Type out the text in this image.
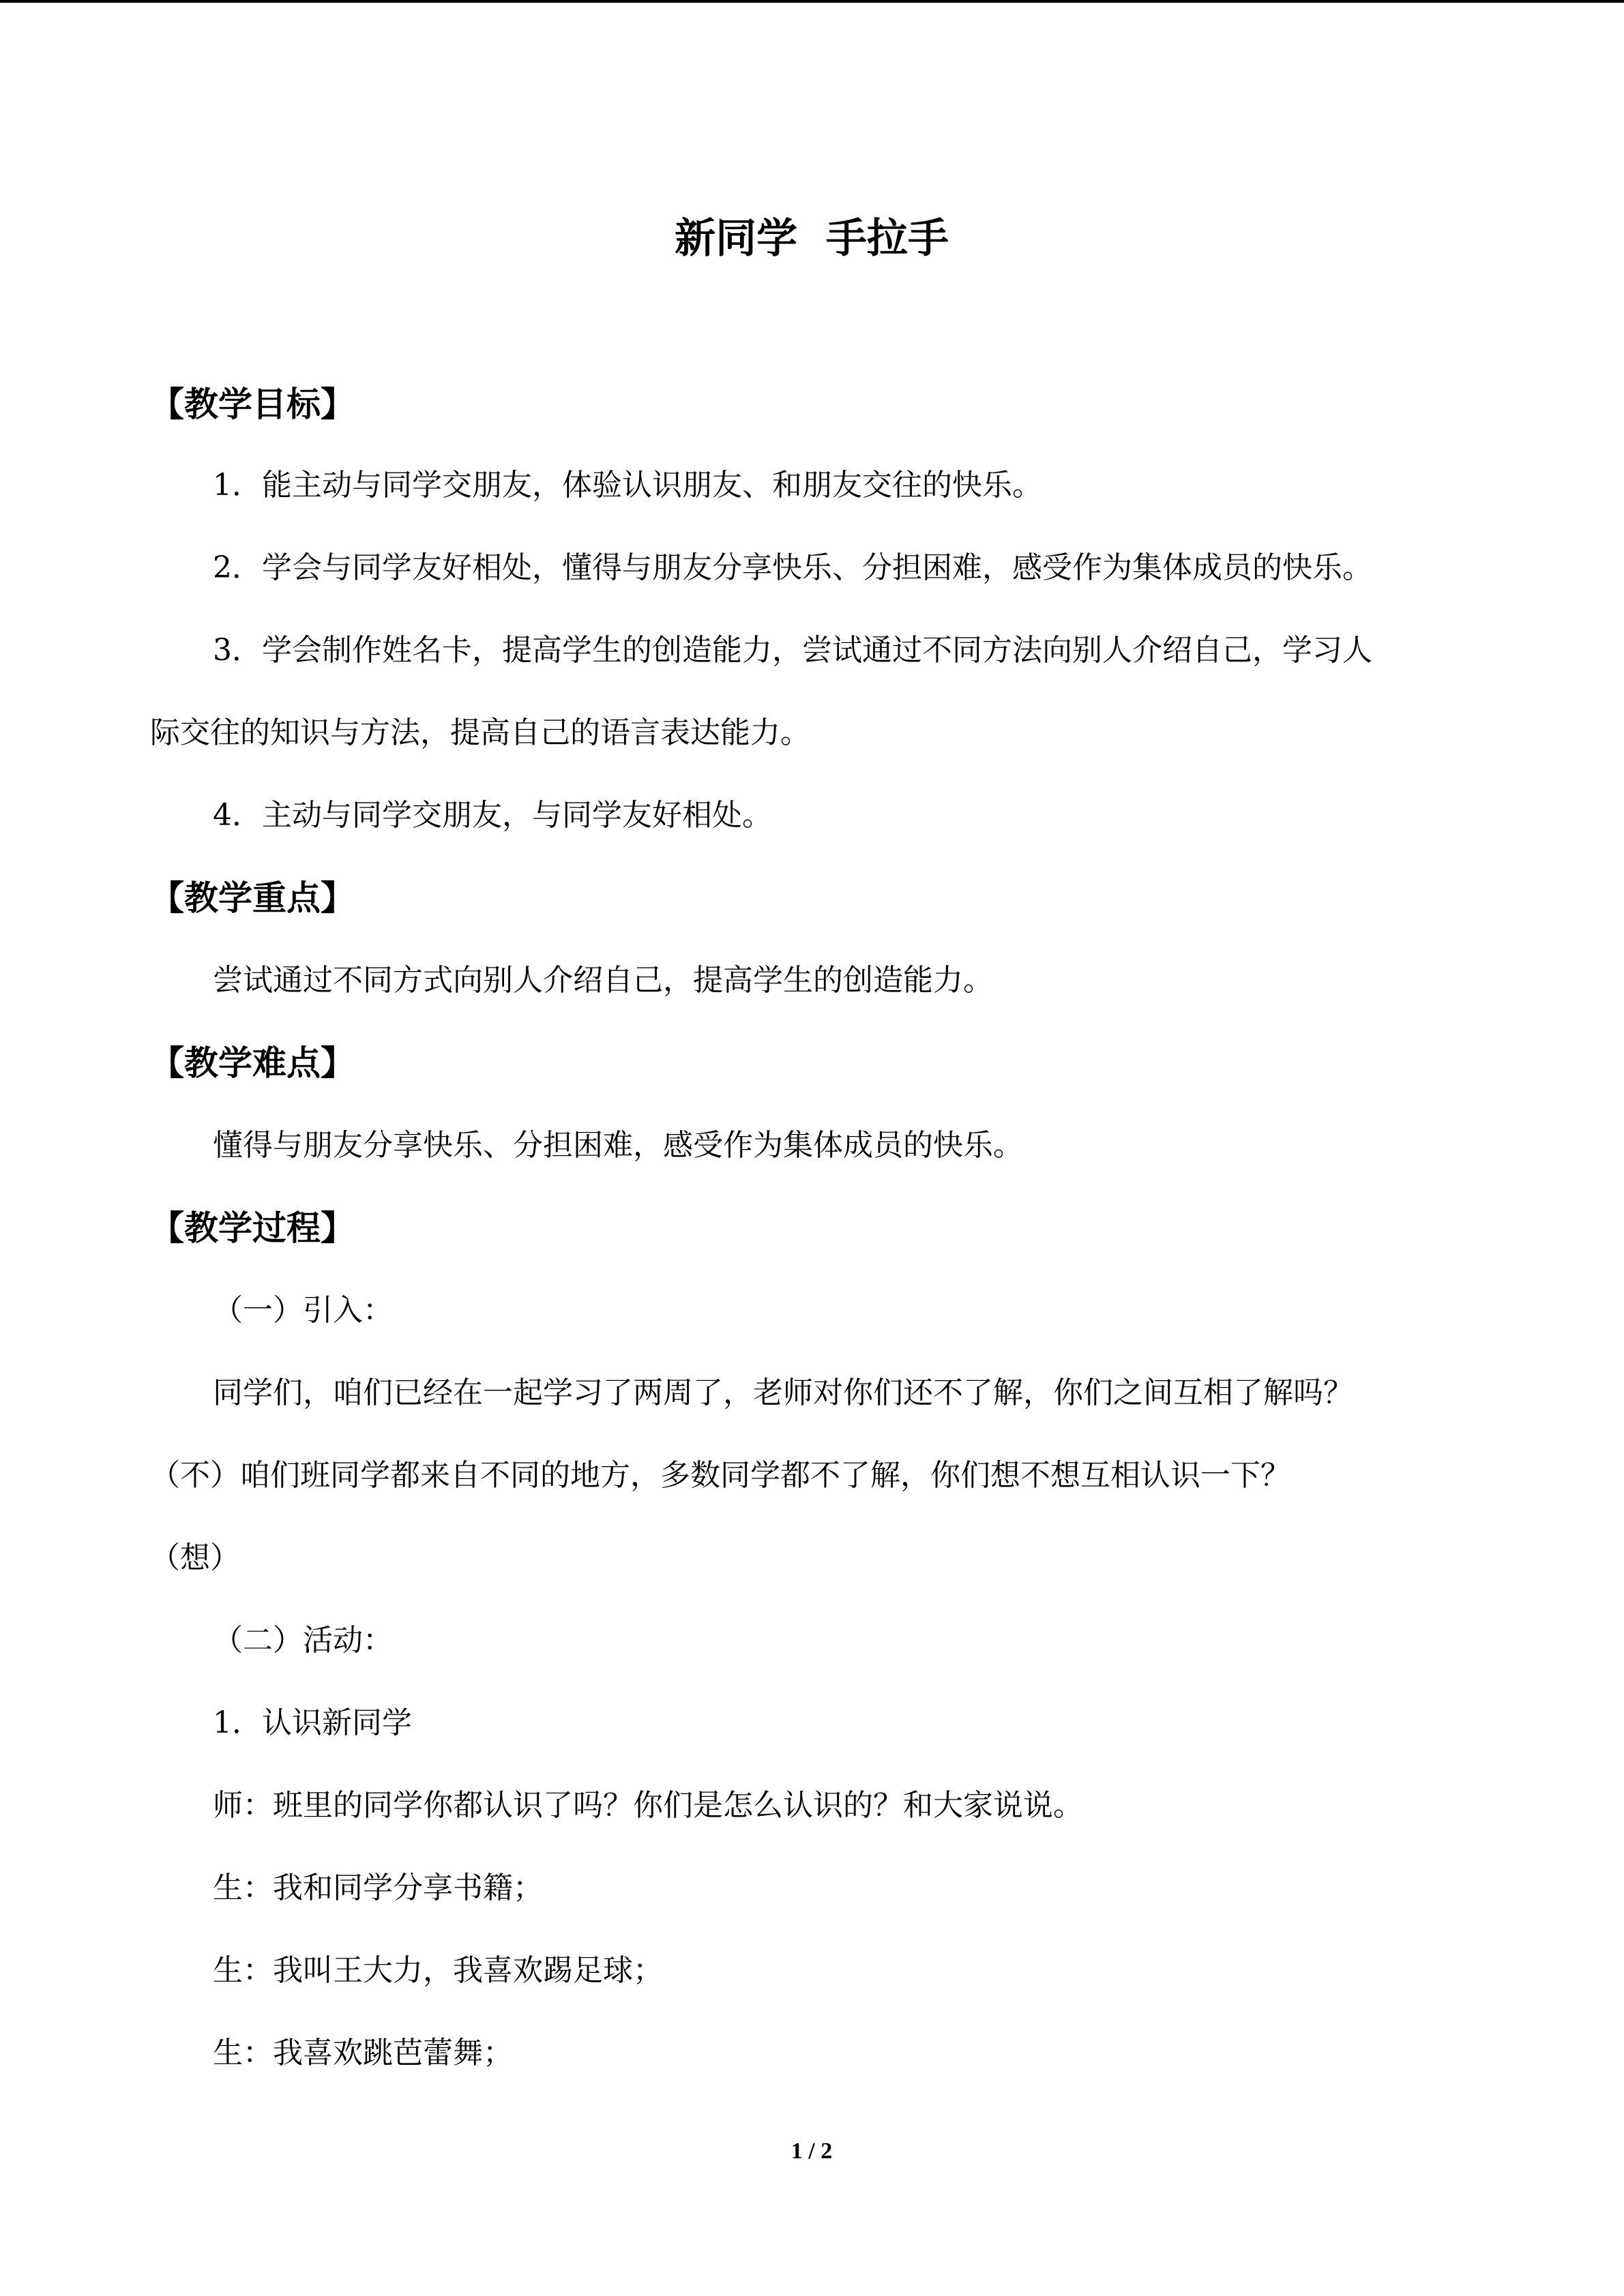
新同学  手拉手
【教学目标】
1．能主动与同学交朋友，体验认识朋友、和朋友交往的快乐。
2．学会与同学友好相处，懂得与朋友分享快乐、分担困难，感受作为集体成员的快乐。
3．学会制作姓名卡，提高学生的创造能力，尝试通过不同方法向别人介绍自己，学习人
际交往的知识与方法，提高自己的语言表达能力。
4．主动与同学交朋友，与同学友好相处。
【教学重点】
尝试通过不同方式向别人介绍自己，提高学生的创造能力。
【教学难点】
懂得与朋友分享快乐、分担困难，感受作为集体成员的快乐。
【教学过程】
（一）引入：
同学们，咱们已经在一起学习了两周了，老师对你们还不了解，你们之间互相了解吗？
（不）咱们班同学都来自不同的地方，多数同学都不了解，你们想不想互相认识一下？
（想）
（二）活动：
1．认识新同学
师：班里的同学你都认识了吗？你们是怎么认识的？和大家说说。
生：我和同学分享书籍；
生：我叫王大力，我喜欢踢足球；
生：我喜欢跳芭蕾舞；
1 / 2
